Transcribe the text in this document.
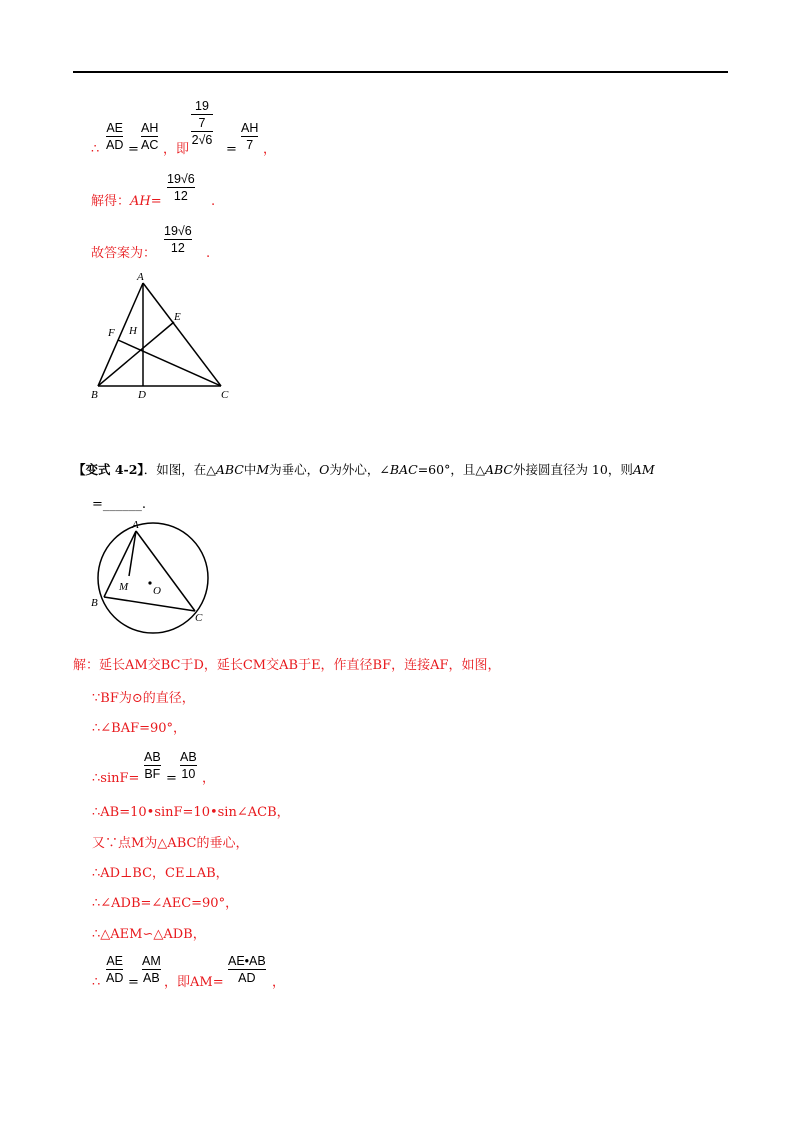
∴
AE
AD =
AH
AC ，即
19
7
2√6
=
AH
7 ，
解得：AH=
19√6
12 .
故答案为：
19√6
12 .
A
F H
E
B	D	C
【变式 4-2】．如图，在△ABC中M为垂心，O为外心，∠BAC=60°，且△ABC外接圆直径为 10，则AM
=______.
A
M O
B
C
解：延长AM交BC于D，延长CM交AB于E，作直径BF，连接AF，如图，
∵BF为⊙的直径，
∴∠BAF=90°，
∴sinF=
AB
BF =
AB
10 ，
∴AB=10•sinF=10•sin∠ACB，
又∵点M为△ABC的垂心，
∴AD⊥BC，CE⊥AB，
∴∠ADB=∠AEC=90°，
∴△AEM∽△ADB，
∴
AE
AD =
AM
AB ，即AM=
AE•AB
AD ，
